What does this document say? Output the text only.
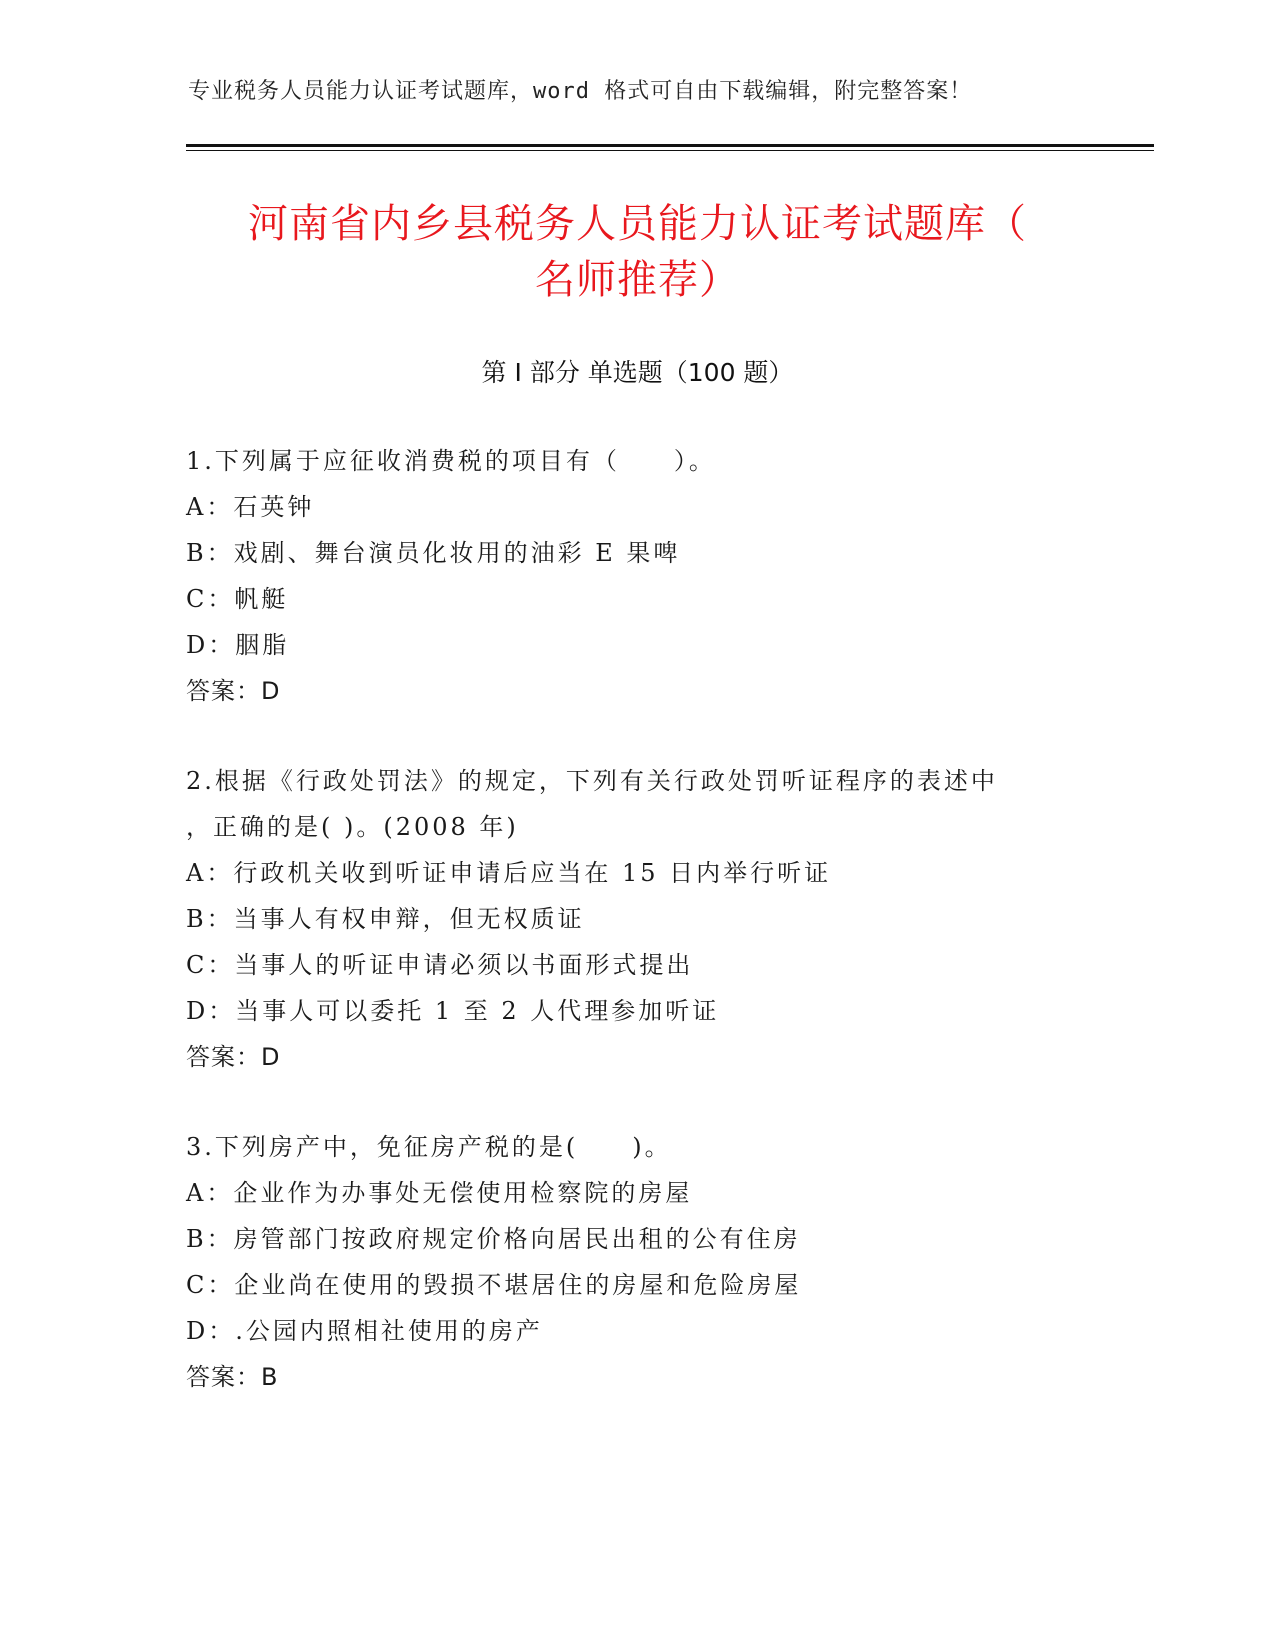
专业税务人员能力认证考试题库，word 格式可自由下载编辑，附完整答案！
河南省内乡县税务人员能力认证考试题库（
名师推荐）
第 I 部分 单选题（100 题）
1.下列属于应征收消费税的项目有（　　）。
A：石英钟
B：戏剧、舞台演员化妆用的油彩 E 果啤
C：帆艇
D：胭脂
答案：D
2.根据《行政处罚法》的规定，下列有关行政处罚听证程序的表述中
，正确的是( )。(2008 年)
A：行政机关收到听证申请后应当在 15 日内举行听证
B：当事人有权申辩，但无权质证
C：当事人的听证申请必须以书面形式提出
D：当事人可以委托 1 至 2 人代理参加听证
答案：D
3.下列房产中，免征房产税的是(　　)。
A：企业作为办事处无偿使用检察院的房屋
B：房管部门按政府规定价格向居民出租的公有住房
C：企业尚在使用的毁损不堪居住的房屋和危险房屋
D：.公园内照相社使用的房产
答案：B
